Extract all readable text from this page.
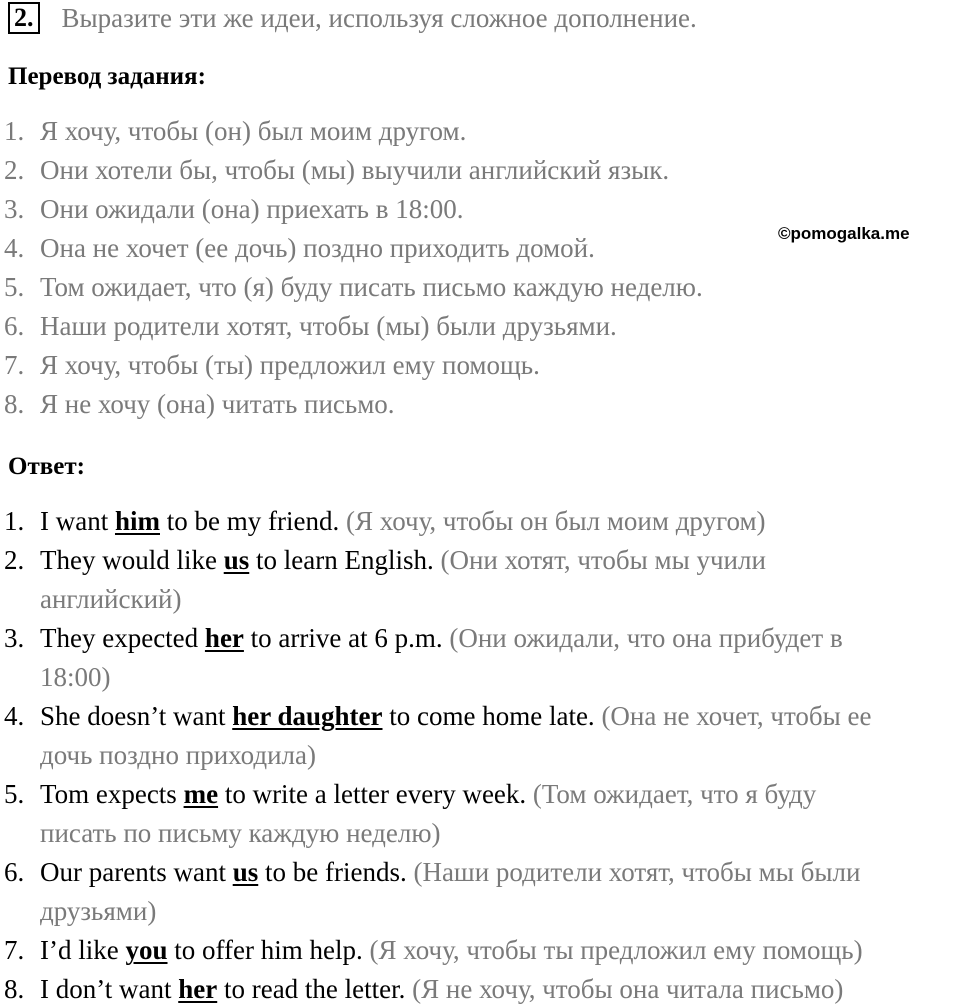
2. Выразите эти же идеи, используя сложное дополнение.
Перевод задания:
1. Я хочу, чтобы (он) был моим другом.
2. Они хотели бы, чтобы (мы) выучили английский язык.
3. Они ожидали (она) приехать в 18:00.
4. Она не хочет (ее дочь) поздно приходить домой.
5. Том ожидает, что (я) буду писать письмо каждую неделю.
6. Наши родители хотят, чтобы (мы) были друзьями.
7. Я хочу, чтобы (ты) предложил ему помощь.
8. Я не хочу (она) читать письмо.
©pomogalka.me
Ответ:
1. I want him to be my friend. (Я хочу, чтобы он был моим другом)
2. They would like us to learn English. (Они хотят, чтобы мы учили
английский)
3. They expected her to arrive at 6 p.m. (Они ожидали, что она прибудет в
18:00)
4. She doesn’t want her daughter to come home late. (Она не хочет, чтобы ее
дочь поздно приходила)
5. Tom expects me to write a letter every week. (Том ожидает, что я буду
писать по письму каждую неделю)
6. Our parents want us to be friends. (Наши родители хотят, чтобы мы были
друзьями)
7. I’d like you to offer him help. (Я хочу, чтобы ты предложил ему помощь)
8. I don’t want her to read the letter. (Я не хочу, чтобы она читала письмо)
